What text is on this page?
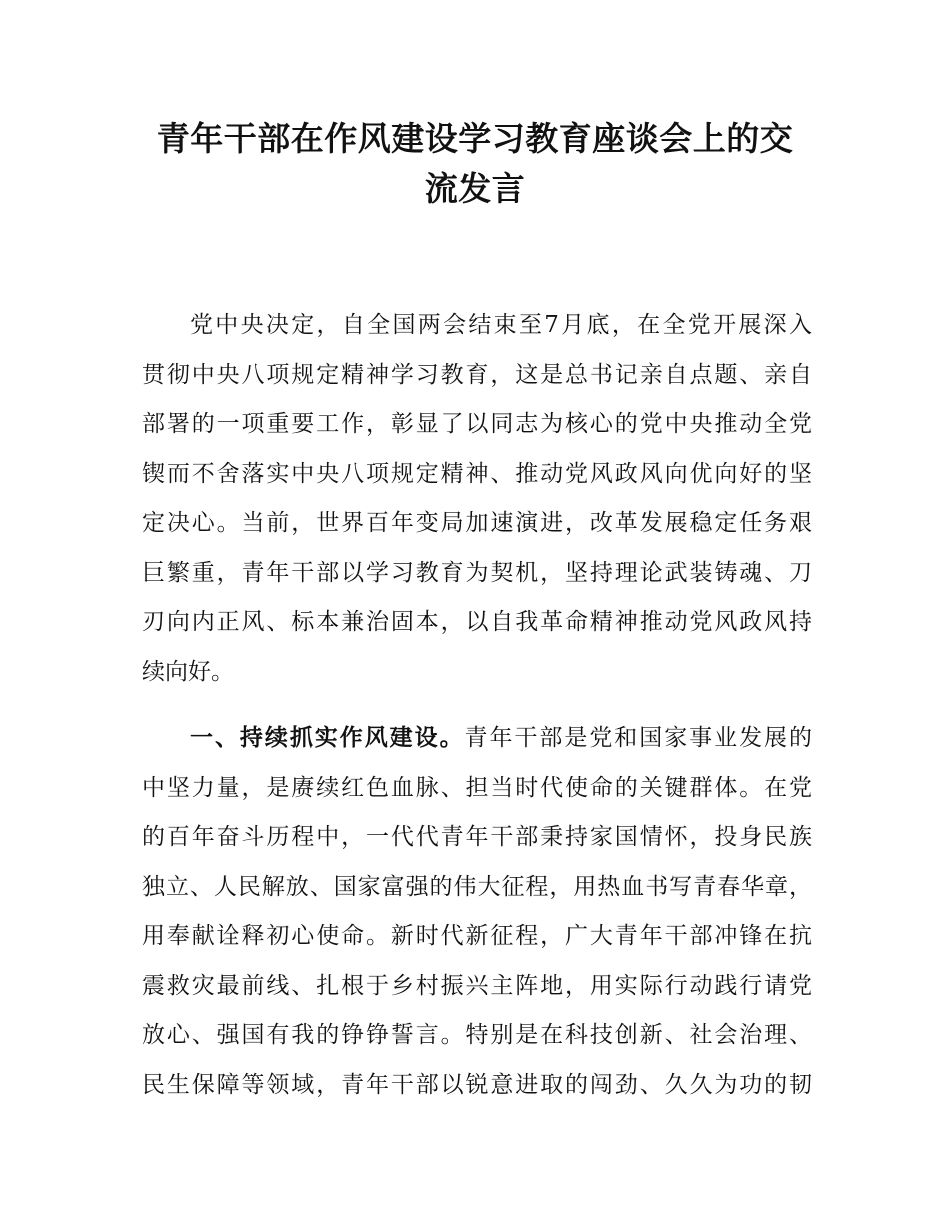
青年干部在作风建设学习教育座谈会上的交
流发言
党中央决定，自全国两会结束至7月底，在全党开展深入
贯彻中央八项规定精神学习教育，这是总书记亲自点题、亲自
部署的一项重要工作，彰显了以同志为核心的党中央推动全党
锲而不舍落实中央八项规定精神、推动党风政风向优向好的坚
定决心。当前，世界百年变局加速演进，改革发展稳定任务艰
巨繁重，青年干部以学习教育为契机，坚持理论武装铸魂、刀
刃向内正风、标本兼治固本，以自我革命精神推动党风政风持
续向好。
一、持续抓实作风建设。青年干部是党和国家事业发展的
中坚力量，是赓续红色血脉、担当时代使命的关键群体。在党
的百年奋斗历程中，一代代青年干部秉持家国情怀，投身民族
独立、人民解放、国家富强的伟大征程，用热血书写青春华章，
用奉献诠释初心使命。新时代新征程，广大青年干部冲锋在抗
震救灾最前线、扎根于乡村振兴主阵地，用实际行动践行请党
放心、强国有我的铮铮誓言。特别是在科技创新、社会治理、
民生保障等领域，青年干部以锐意进取的闯劲、久久为功的韧
